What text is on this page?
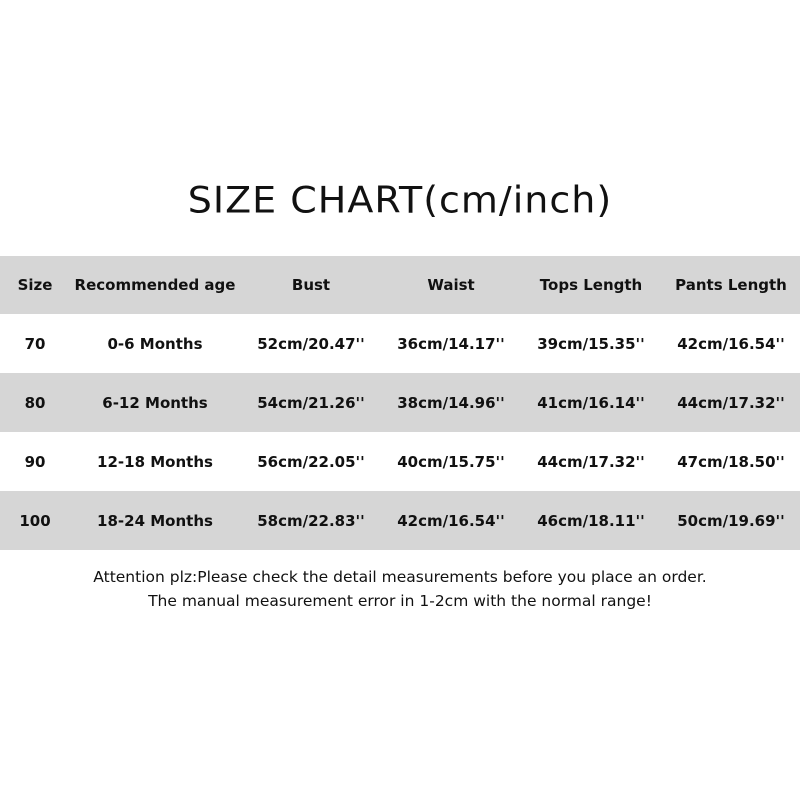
SIZE CHART(cm/inch)
Size	Recommended age	Bust	Waist	Tops Length	Pants Length
70	0-6 Months	52cm/20.47''	36cm/14.17''	39cm/15.35''	42cm/16.54''
80	6-12 Months	54cm/21.26''	38cm/14.96''	41cm/16.14''	44cm/17.32''
90	12-18 Months	56cm/22.05''	40cm/15.75''	44cm/17.32''	47cm/18.50''
100	18-24 Months	58cm/22.83''	42cm/16.54''	46cm/18.11''	50cm/19.69''
Attention plz:Please check the detail measurements before you place an order.
The manual measurement error in 1-2cm with the normal range!
